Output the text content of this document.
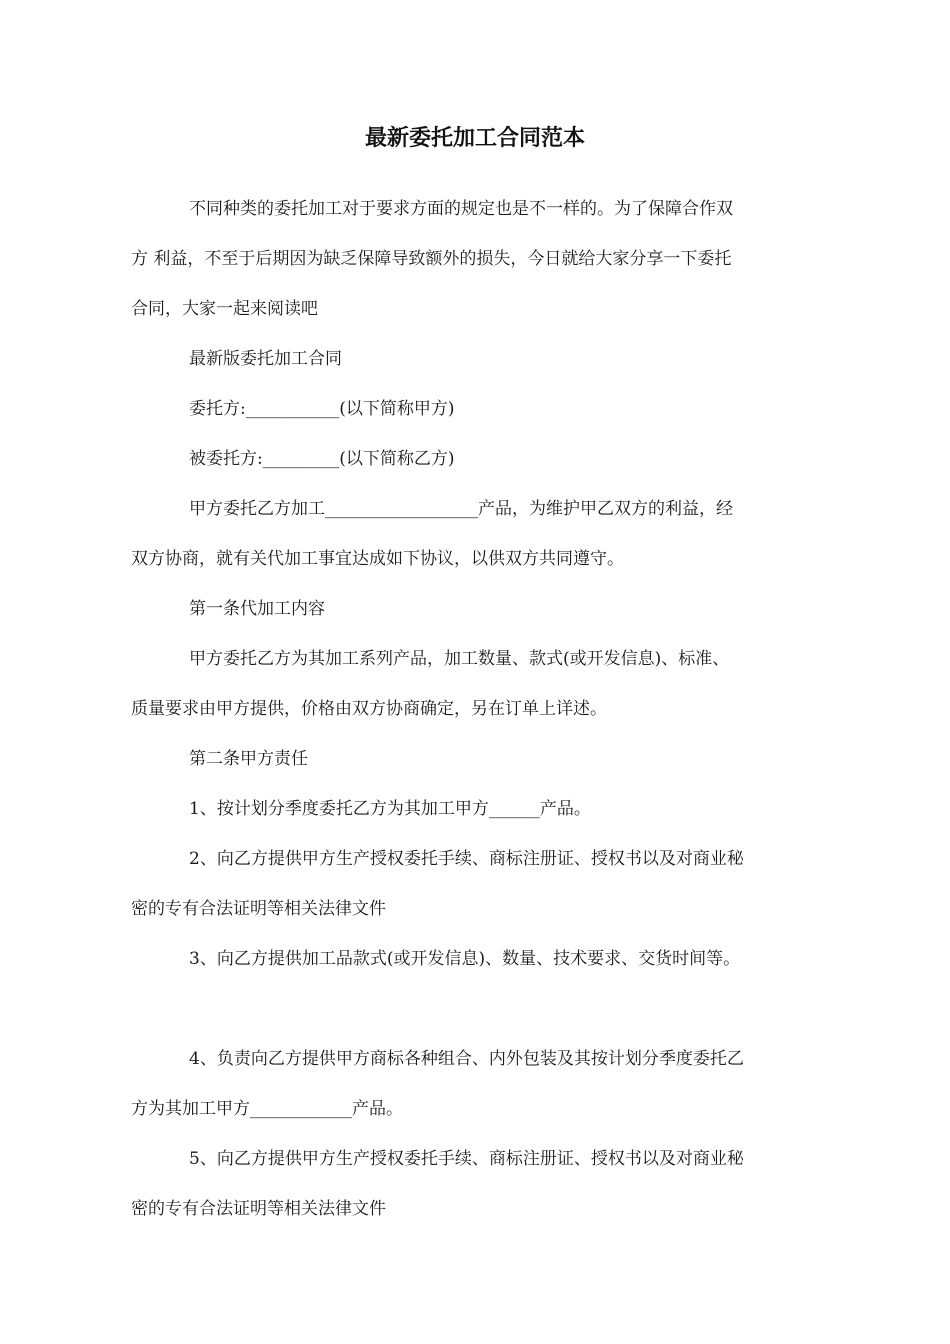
最新委托加工合同范本
不同种类的委托加工对于要求方面的规定也是不一样的。为了保障合作双
方 利益，不至于后期因为缺乏保障导致额外的损失，今日就给大家分享一下委托
合同，大家一起来阅读吧
最新版委托加工合同
委托方:___________(以下简称甲方)
被委托方:_________(以下简称乙方)
甲方委托乙方加工__________________产品，为维护甲乙双方的利益，经
双方协商，就有关代加工事宜达成如下协议，以供双方共同遵守。
第一条代加工内容
甲方委托乙方为其加工系列产品，加工数量、款式(或开发信息)、标准、
质量要求由甲方提供，价格由双方协商确定，另在订单上详述。
第二条甲方责任
1、按计划分季度委托乙方为其加工甲方______产品。
2、向乙方提供甲方生产授权委托手续、商标注册证、授权书以及对商业秘
密的专有合法证明等相关法律文件
3、向乙方提供加工品款式(或开发信息)、数量、技术要求、交货时间等。
4、负责向乙方提供甲方商标各种组合、内外包装及其按计划分季度委托乙
方为其加工甲方____________产品。
5、向乙方提供甲方生产授权委托手续、商标注册证、授权书以及对商业秘
密的专有合法证明等相关法律文件
